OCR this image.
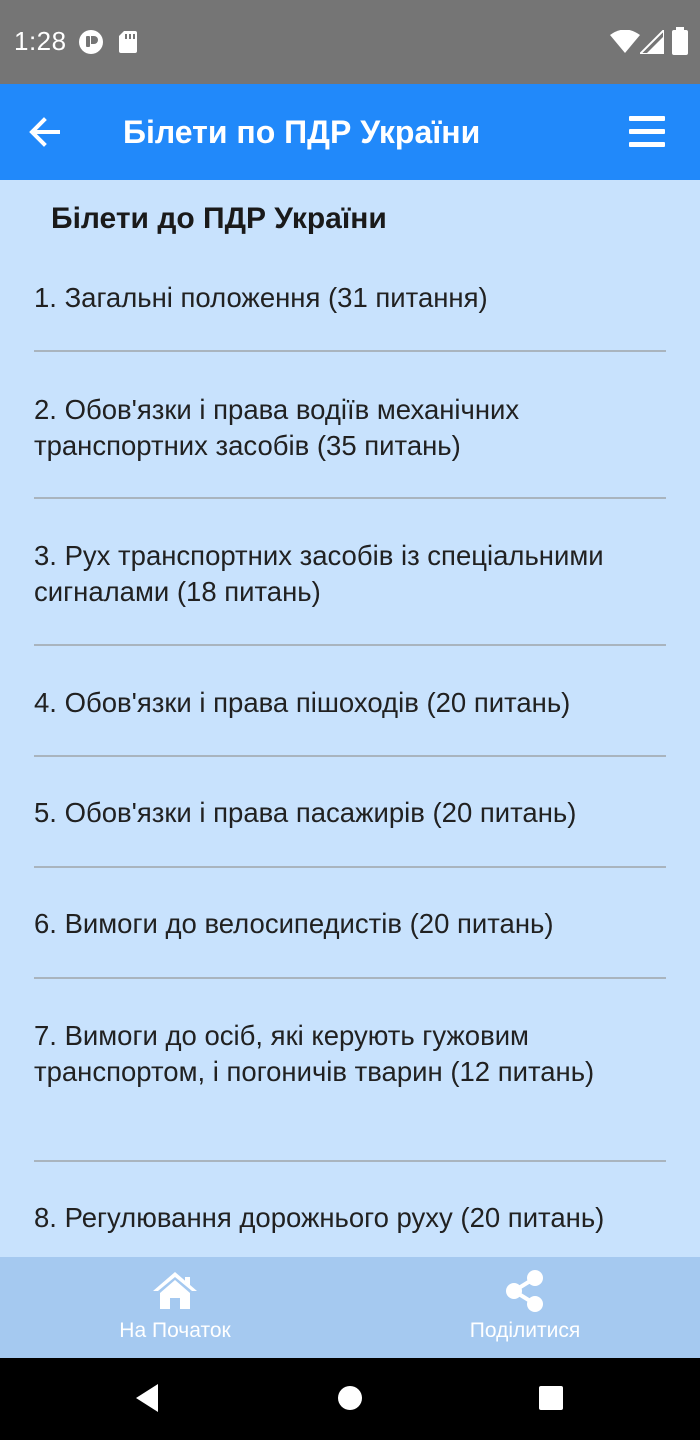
1:28
Білети по ПДР України
Білети до ПДР України
1. Загальні положення (31 питання)
2. Обов'язки і права водіїв механічних транспортних засобів (35 питань)
3. Рух транспортних засобів із спеціальними сигналами (18 питань)
4. Обов'язки і права пішоходів (20 питань)
5. Обов'язки і права пасажирів (20 питань)
6. Вимоги до велосипедистів (20 питань)
7. Вимоги до осіб, які керують гужовим транспортом, і погоничів тварин (12 питань)
8. Регулювання дорожнього руху (20 питань)
На Початок	Поділитися
